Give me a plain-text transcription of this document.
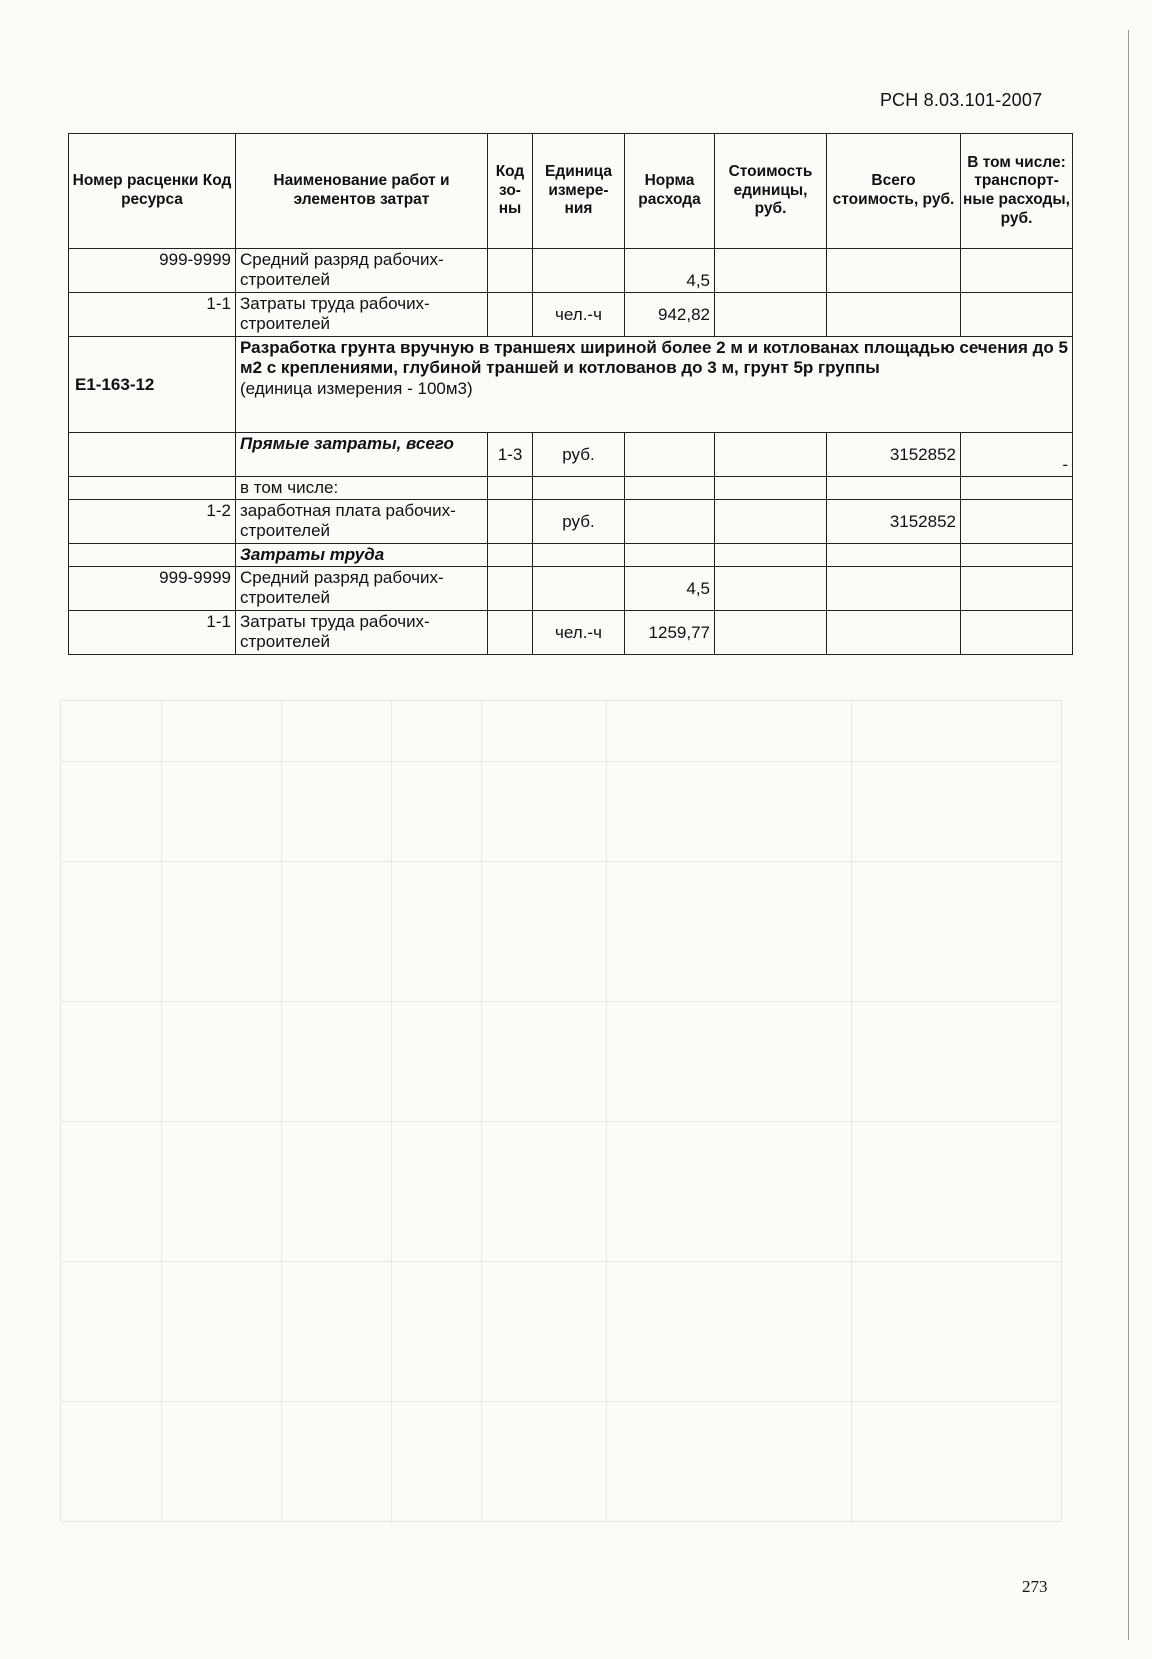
РСН 8.03.101-2007
Номер расценки Код ресурса	Наименование работ и элементов затрат	Код зо-ны	Единица измере-ния	Норма расхода	Стоимость единицы, руб.	Всего стоимость, руб.	В том числе: транспорт-ные расходы, руб.
999-9999	Средний разряд рабочих-строителей			4,5			
1-1	Затраты труда рабочих-строителей		чел.-ч	942,82			
Е1-163-12	Разработка грунта вручную в траншеях шириной более 2 м и котлованах площадью сечения до 5 м2 с креплениями, глубиной траншей и котлованов до 3 м, грунт 5р группы
(единица измерения - 100м3)						

	Прямые затраты, всего	1-3	руб.			3152852	-
	в том числе:						
1-2	заработная плата рабочих-строителей		руб.			3152852	
	Затраты труда						
999-9999	Средний разряд рабочих-строителей			4,5			
1-1	Затраты труда рабочих-строителей		чел.-ч	1259,77			
273
